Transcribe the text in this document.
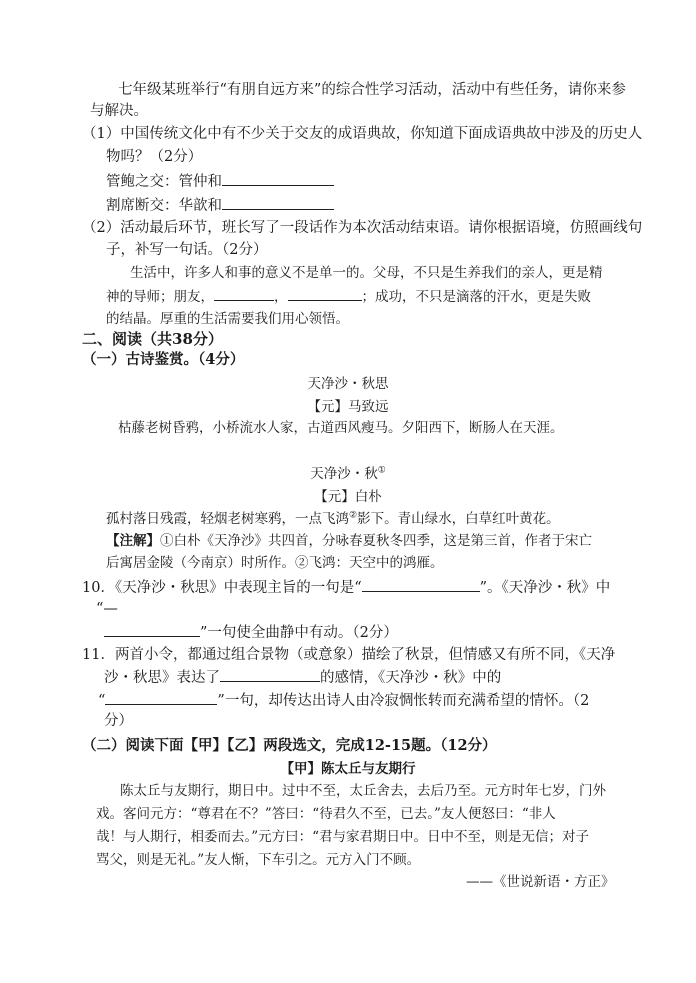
七年级某班举行“有朋自远方来”的综合性学习活动，活动中有些任务，请你来参
与解决。
（1）中国传统文化中有不少关于交友的成语典故，你知道下面成语典故中涉及的历史人
物吗？（2分）
管鲍之交：管仲和
割席断交：华歆和
（2）活动最后环节，班长写了一段话作为本次活动结束语。请你根据语境，仿照画线句
子，补写一句话。（2分）
生活中，许多人和事的意义不是单一的。父母，不只是生养我们的亲人，更是精
神的导师；朋友，	，	；成功，不只是滴落的汗水，更是失败
的结晶。厚重的生活需要我们用心领悟。
二、阅读（共38分）
（一）古诗鉴赏。（4分）
天净沙・秋思
【元】马致远
枯藤老树昏鸦，小桥流水人家，古道西风瘦马。夕阳西下，断肠人在天涯。
天净沙・秋①
【元】白朴
孤村落日残霞，轻烟老树寒鸦，一点飞鸿②影下。青山绿水，白草红叶黄花。
【注解】①白朴《天净沙》共四首，分咏春夏秋冬四季，这是第三首，作者于宋亡
后寓居金陵（今南京）时所作。②飞鸿：天空中的鸿雁。
10．《天净沙・秋思》中表现主旨的一句是“	”。《天净沙・秋》中
“—
”一句使全曲静中有动。（2分）
11．两首小令，都通过组合景物（或意象）描绘了秋景，但情感又有所不同，《天净
沙・秋思》表达了	的感情，《天净沙・秋》中的
“	”一句，却传达出诗人由冷寂惆怅转而充满希望的情怀。（2
分）
（二）阅读下面【甲】【乙】两段选文，完成12-15题。（12分）
【甲】陈太丘与友期行
陈太丘与友期行，期日中。过中不至，太丘舍去，去后乃至。元方时年七岁，门外
戏。客问元方：“尊君在不？”答曰：“待君久不至，已去。”友人便怒曰：“非人
哉！与人期行，相委而去。”元方曰：“君与家君期日中。日中不至，则是无信；对子
骂父，则是无礼。”友人惭，下车引之。元方入门不顾。
——《世说新语・方正》
